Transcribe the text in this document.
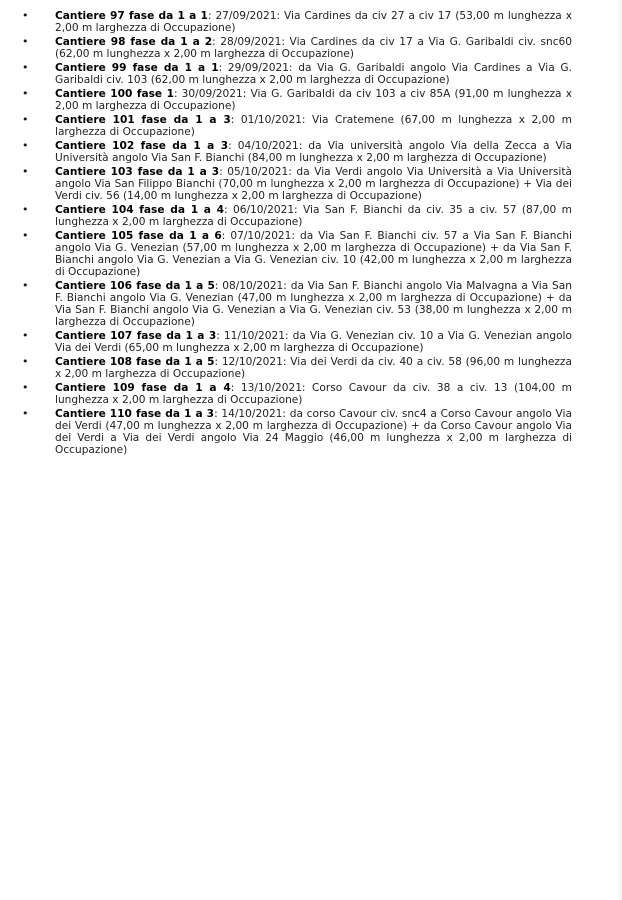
•	Cantiere 97 fase da 1 a 1: 27/09/2021: Via Cardines da civ 27 a civ 17 (53,00 m lunghezza x 2,00 m larghezza di Occupazione)
•	Cantiere 98 fase da 1 a 2: 28/09/2021: Via Cardines da civ 17 a Via G. Garibaldi civ. snc60 (62,00 m lunghezza x 2,00 m larghezza di Occupazione)
•	Cantiere 99 fase da 1 a 1: 29/09/2021: da Via G. Garibaldi angolo Via Cardines a Via G. Garibaldi civ. 103 (62,00 m lunghezza x 2,00 m larghezza di Occupazione)
•	Cantiere 100 fase 1: 30/09/2021: Via G. Garibaldi da civ 103 a civ 85A (91,00 m lunghezza x 2,00 m larghezza di Occupazione)
•	Cantiere 101 fase da 1 a 3: 01/10/2021: Via Cratemene (67,00 m lunghezza x 2,00 m larghezza di Occupazione)
•	Cantiere 102 fase da 1 a 3: 04/10/2021: da Via università angolo Via della Zecca a Via Università angolo Via San F. Bianchi (84,00 m lunghezza x 2,00 m larghezza di Occupazione)
•	Cantiere 103 fase da 1 a 3: 05/10/2021: da Via Verdi angolo Via Università a Via Università angolo Via San Filippo Bianchi (70,00 m lunghezza x 2,00 m larghezza di Occupazione) + Via dei Verdi civ. 56 (14,00 m lunghezza x 2,00 m larghezza di Occupazione)
•	Cantiere 104 fase da 1 a 4: 06/10/2021: Via San F. Bianchi da civ. 35 a civ. 57 (87,00 m lunghezza x 2,00 m larghezza di Occupazione)
•	Cantiere 105 fase da 1 a 6: 07/10/2021: da Via San F. Bianchi civ. 57 a Via San F. Bianchi angolo Via G. Venezian (57,00 m lunghezza x 2,00 m larghezza di Occupazione) + da Via San F. Bianchi angolo Via G. Venezian a Via G. Venezian civ. 10 (42,00 m lunghezza x 2,00 m larghezza di Occupazione)
•	Cantiere 106 fase da 1 a 5: 08/10/2021: da Via San F. Bianchi angolo Via Malvagna a Via San F. Bianchi angolo Via G. Venezian (47,00 m lunghezza x 2,00 m larghezza di Occupazione) + da Via San F. Bianchi angolo Via G. Venezian a Via G. Venezian civ. 53 (38,00 m lunghezza x 2,00 m larghezza di Occupazione)
•	Cantiere 107 fase da 1 a 3: 11/10/2021: da Via G. Venezian civ. 10 a Via G. Venezian angolo Via dei Verdi (65,00 m lunghezza x 2,00 m larghezza di Occupazione)
•	Cantiere 108 fase da 1 a 5: 12/10/2021: Via dei Verdi da civ. 40 a civ. 58 (96,00 m lunghezza x 2,00 m larghezza di Occupazione)
•	Cantiere 109 fase da 1 a 4: 13/10/2021: Corso Cavour da civ. 38 a civ. 13 (104,00 m lunghezza x 2,00 m larghezza di Occupazione)
•	Cantiere 110 fase da 1 a 3: 14/10/2021: da corso Cavour civ. snc4 a Corso Cavour angolo Via dei Verdi (47,00 m lunghezza x 2,00 m larghezza di Occupazione) + da Corso Cavour angolo Via dei Verdi a Via dei Verdi angolo Via 24 Maggio (46,00 m lunghezza x 2,00 m larghezza di Occupazione)
